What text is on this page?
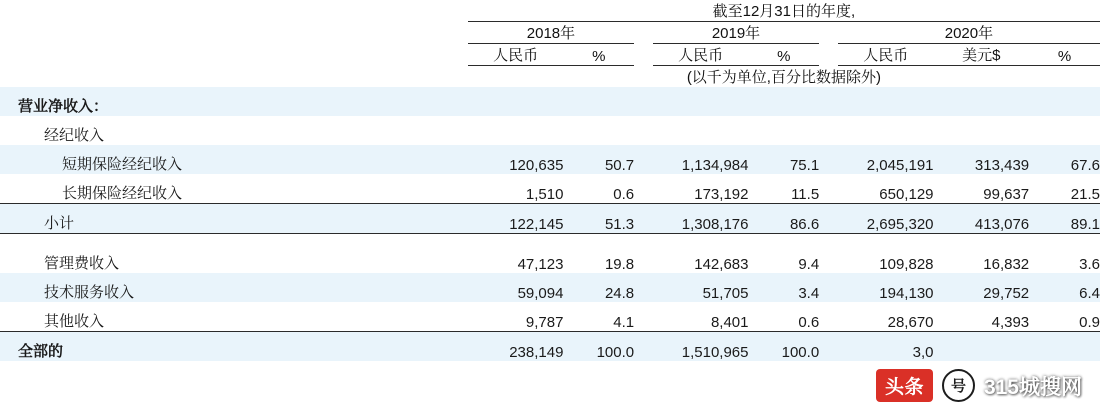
	截至12月31日的年度,								
	2018年			2019年			2020年		
	人民币	%		人民币	%		人民币	美元$	%
	(以千为单位,百分比数据除外)								
营业净收入：									
经纪收入									
短期保险经纪收入	120,635	50.7		1,134,984	75.1		2,045,191	313,439	67.6
长期保险经纪收入	1,510	0.6		173,192	11.5		650,129	99,637	21.5
小计	122,145	51.3		1,308,176	86.6		2,695,320	413,076	89.1

管理费收入	47,123	19.8		142,683	9.4		109,828	16,832	3.6
技术服务收入	59,094	24.8		51,705	3.4		194,130	29,752	6.4
其他收入	9,787	4.1		8,401	0.6		28,670	4,393	0.9
全部的	238,149	100.0		1,510,965	100.0		3,0		
头条	号 315城搜网
